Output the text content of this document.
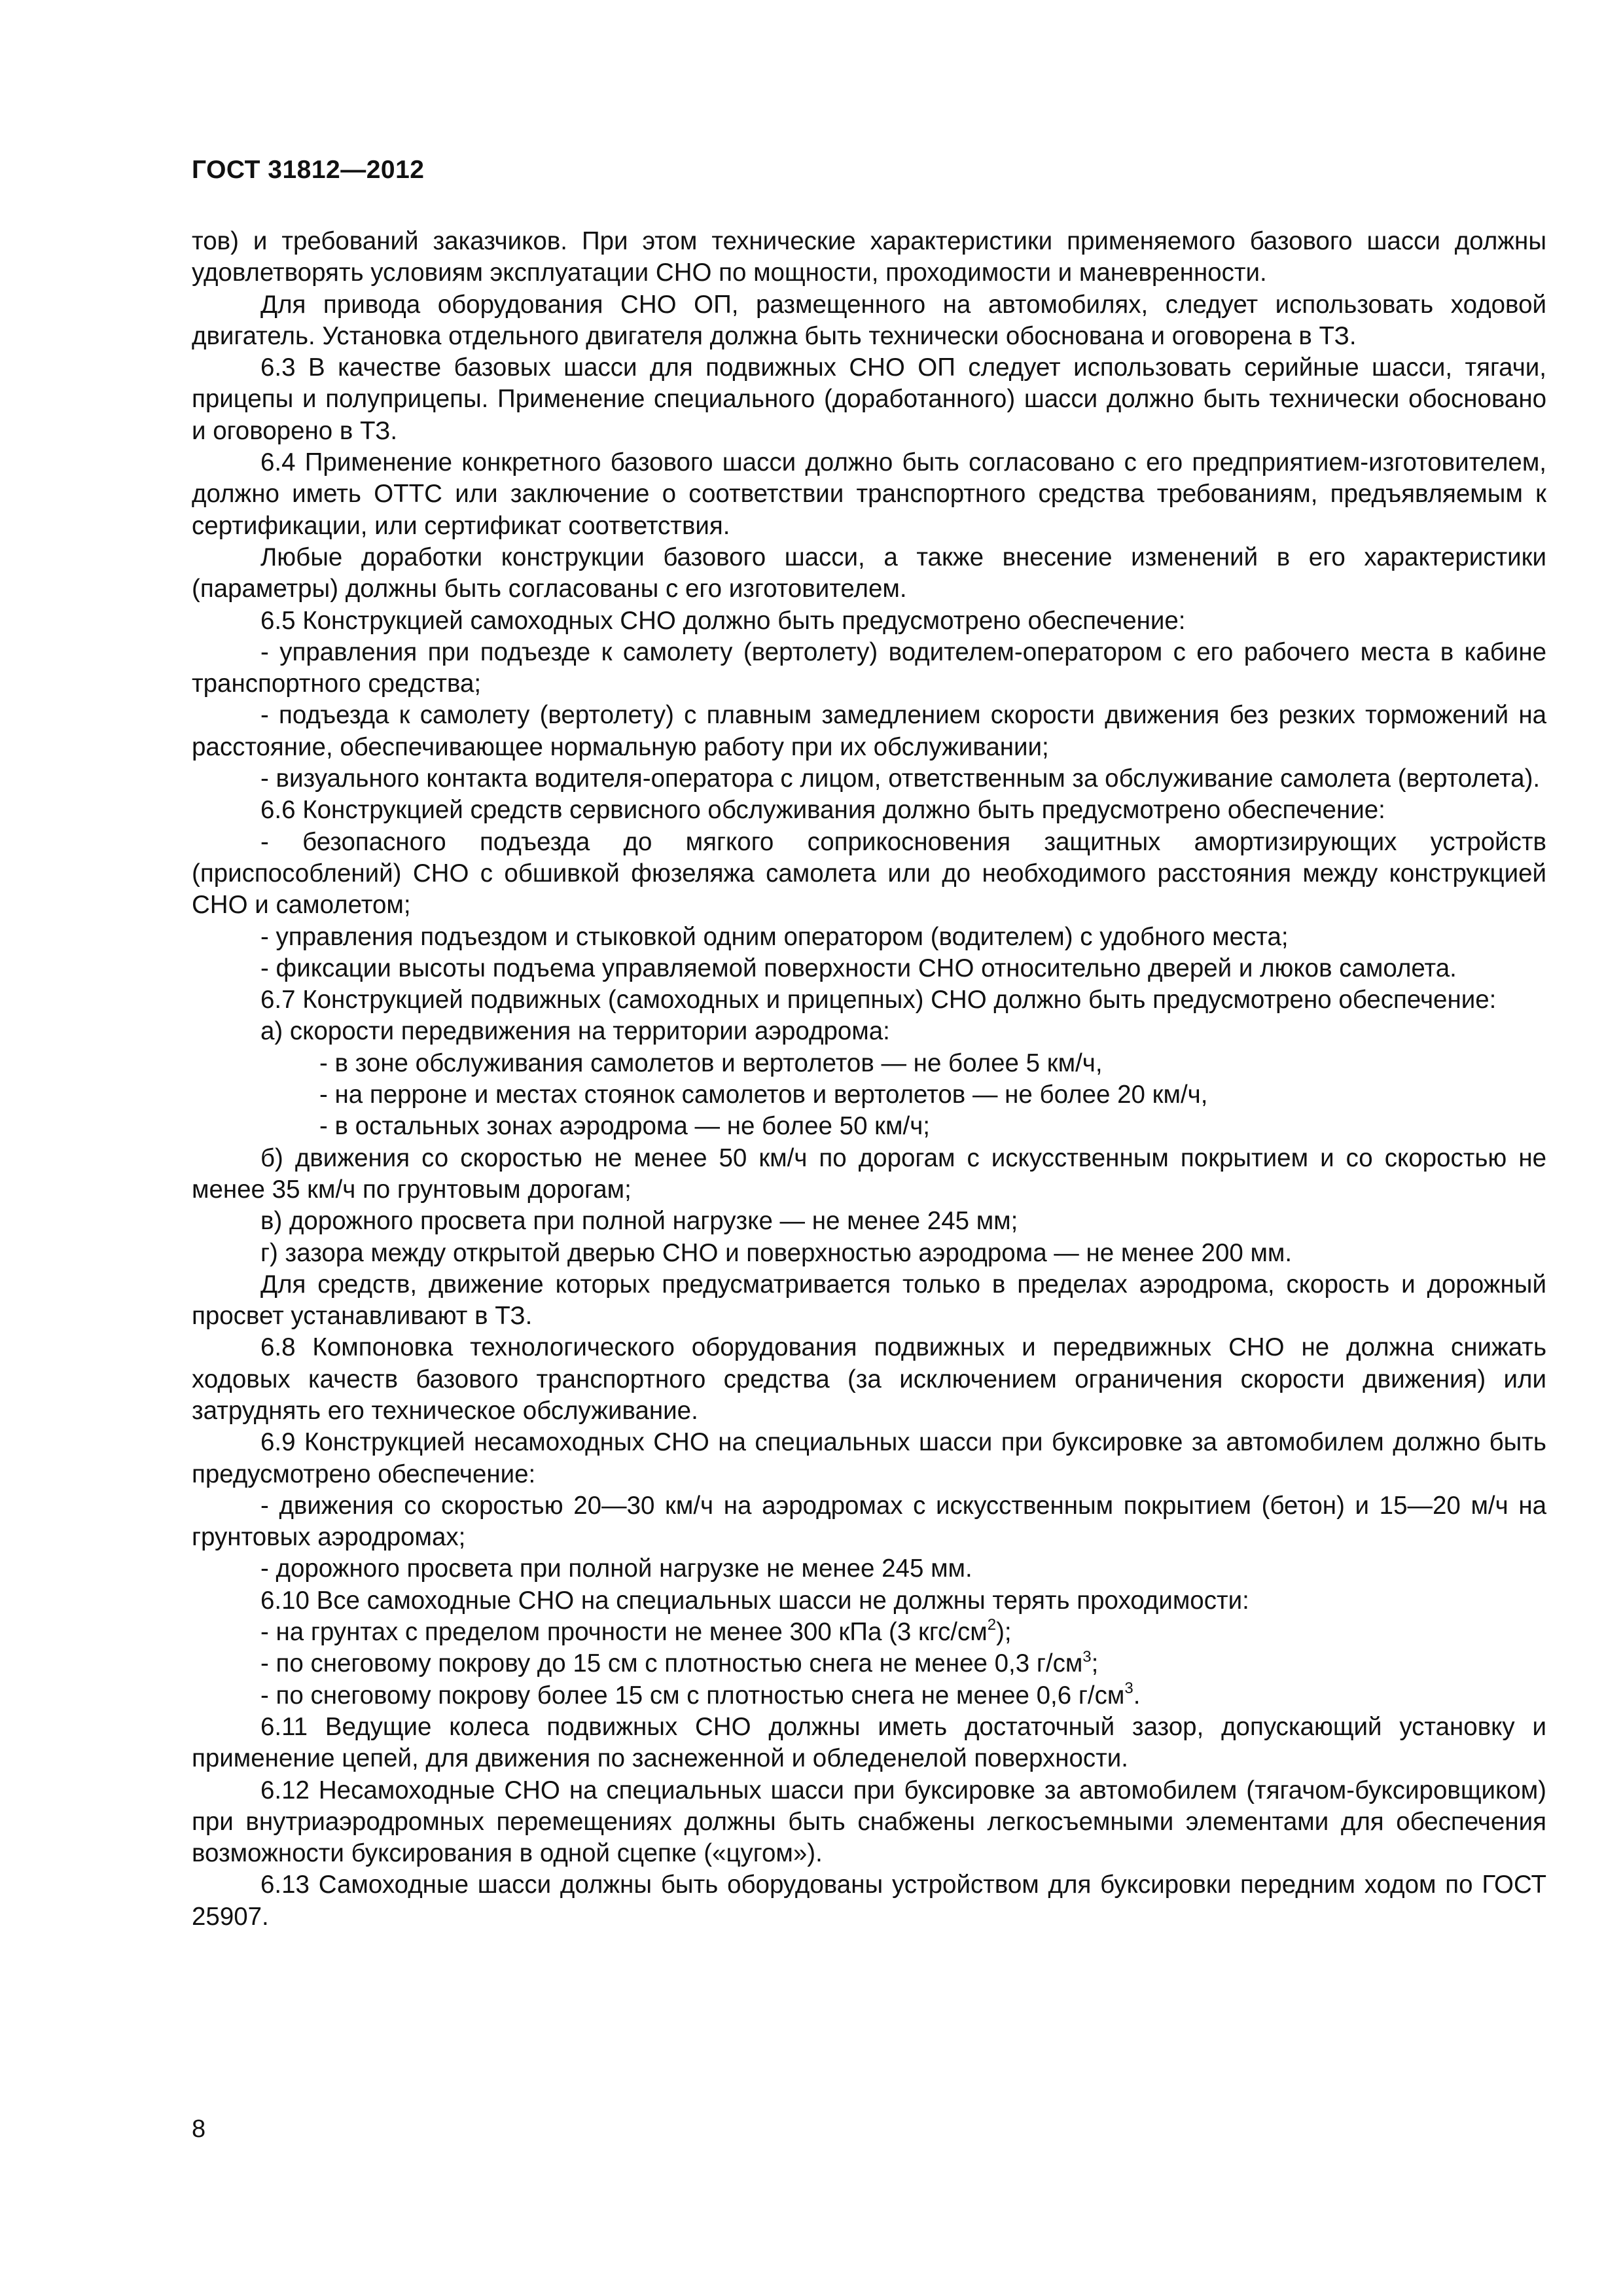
ГОСТ 31812—2012

тов) и требований заказчиков. При этом технические характеристики применяемого базового шасси должны удовлетворять условиям эксплуатации СНО по мощности, проходимости и маневренности.

Для привода оборудования СНО ОП, размещенного на автомобилях, следует использовать ходовой двигатель. Установка отдельного двигателя должна быть технически обоснована и оговорена в ТЗ.

6.3 В качестве базовых шасси для подвижных СНО ОП следует использовать серийные шасси, тягачи, прицепы и полуприцепы. Применение специального (доработанного) шасси должно быть технически обосновано и оговорено в ТЗ.

6.4 Применение конкретного базового шасси должно быть согласовано с его предприятием-изготовителем, должно иметь ОТТС или заключение о соответствии транспортного средства требованиям, предъявляемым к сертификации, или сертификат соответствия.

Любые доработки конструкции базового шасси, а также внесение изменений в его характеристики (параметры) должны быть согласованы с его изготовителем.

6.5 Конструкцией самоходных СНО должно быть предусмотрено обеспечение:

- управления при подъезде к самолету (вертолету) водителем-оператором с его рабочего места в кабине транспортного средства;

- подъезда к самолету (вертолету) с плавным замедлением скорости движения без резких торможений на расстояние, обеспечивающее нормальную работу при их обслуживании;

- визуального контакта водителя-оператора с лицом, ответственным за обслуживание самолета (вертолета).

6.6 Конструкцией средств сервисного обслуживания должно быть предусмотрено обеспечение:

- безопасного подъезда до мягкого соприкосновения защитных амортизирующих устройств (приспособлений) СНО с обшивкой фюзеляжа самолета или до необходимого расстояния между конструкцией СНО и самолетом;

- управления подъездом и стыковкой одним оператором (водителем) с удобного места;

- фиксации высоты подъема управляемой поверхности СНО относительно дверей и люков самолета.

6.7 Конструкцией подвижных (самоходных и прицепных) СНО должно быть предусмотрено обеспечение:

а) скорости передвижения на территории аэродрома:

- в зоне обслуживания самолетов и вертолетов — не более 5 км/ч,

- на перроне и местах стоянок самолетов и вертолетов — не более 20 км/ч,

- в остальных зонах аэродрома — не более 50 км/ч;

б) движения со скоростью не менее 50 км/ч по дорогам с искусственным покрытием и со скоростью не менее 35 км/ч по грунтовым дорогам;

в) дорожного просвета при полной нагрузке — не менее 245 мм;

г) зазора между открытой дверью СНО и поверхностью аэродрома — не менее 200 мм.

Для средств, движение которых предусматривается только в пределах аэродрома, скорость и дорожный просвет устанавливают в ТЗ.

6.8 Компоновка технологического оборудования подвижных и передвижных СНО не должна снижать ходовых качеств базового транспортного средства (за исключением ограничения скорости движения) или затруднять его техническое обслуживание.

6.9 Конструкцией несамоходных СНО на специальных шасси при буксировке за автомобилем должно быть предусмотрено обеспечение:

- движения со скоростью 20—30 км/ч на аэродромах с искусственным покрытием (бетон) и 15—20 м/ч на грунтовых аэродромах;

- дорожного просвета при полной нагрузке не менее 245 мм.

6.10 Все самоходные СНО на специальных шасси не должны терять проходимости:

- на грунтах с пределом прочности не менее 300 кПа (3 кгс/$см^2$);

- по снеговому покрову до 15 см с плотностью снега не менее 0,3 $г/см^3$;

- по снеговому покрову более 15 см с плотностью снега не менее 0,6 $г/см^3$.

6.11 Ведущие колеса подвижных СНО должны иметь достаточный зазор, допускающий установку и применение цепей, для движения по заснеженной и обледенелой поверхности.

6.12 Несамоходные СНО на специальных шасси при буксировке за автомобилем (тягачом-буксировщиком) при внутриаэродромных перемещениях должны быть снабжены легкосъемными элементами для обеспечения возможности буксирования в одной сцепке («цугом»).

6.13 Самоходные шасси должны быть оборудованы устройством для буксировки передним ходом по ГОСТ 25907.

8
